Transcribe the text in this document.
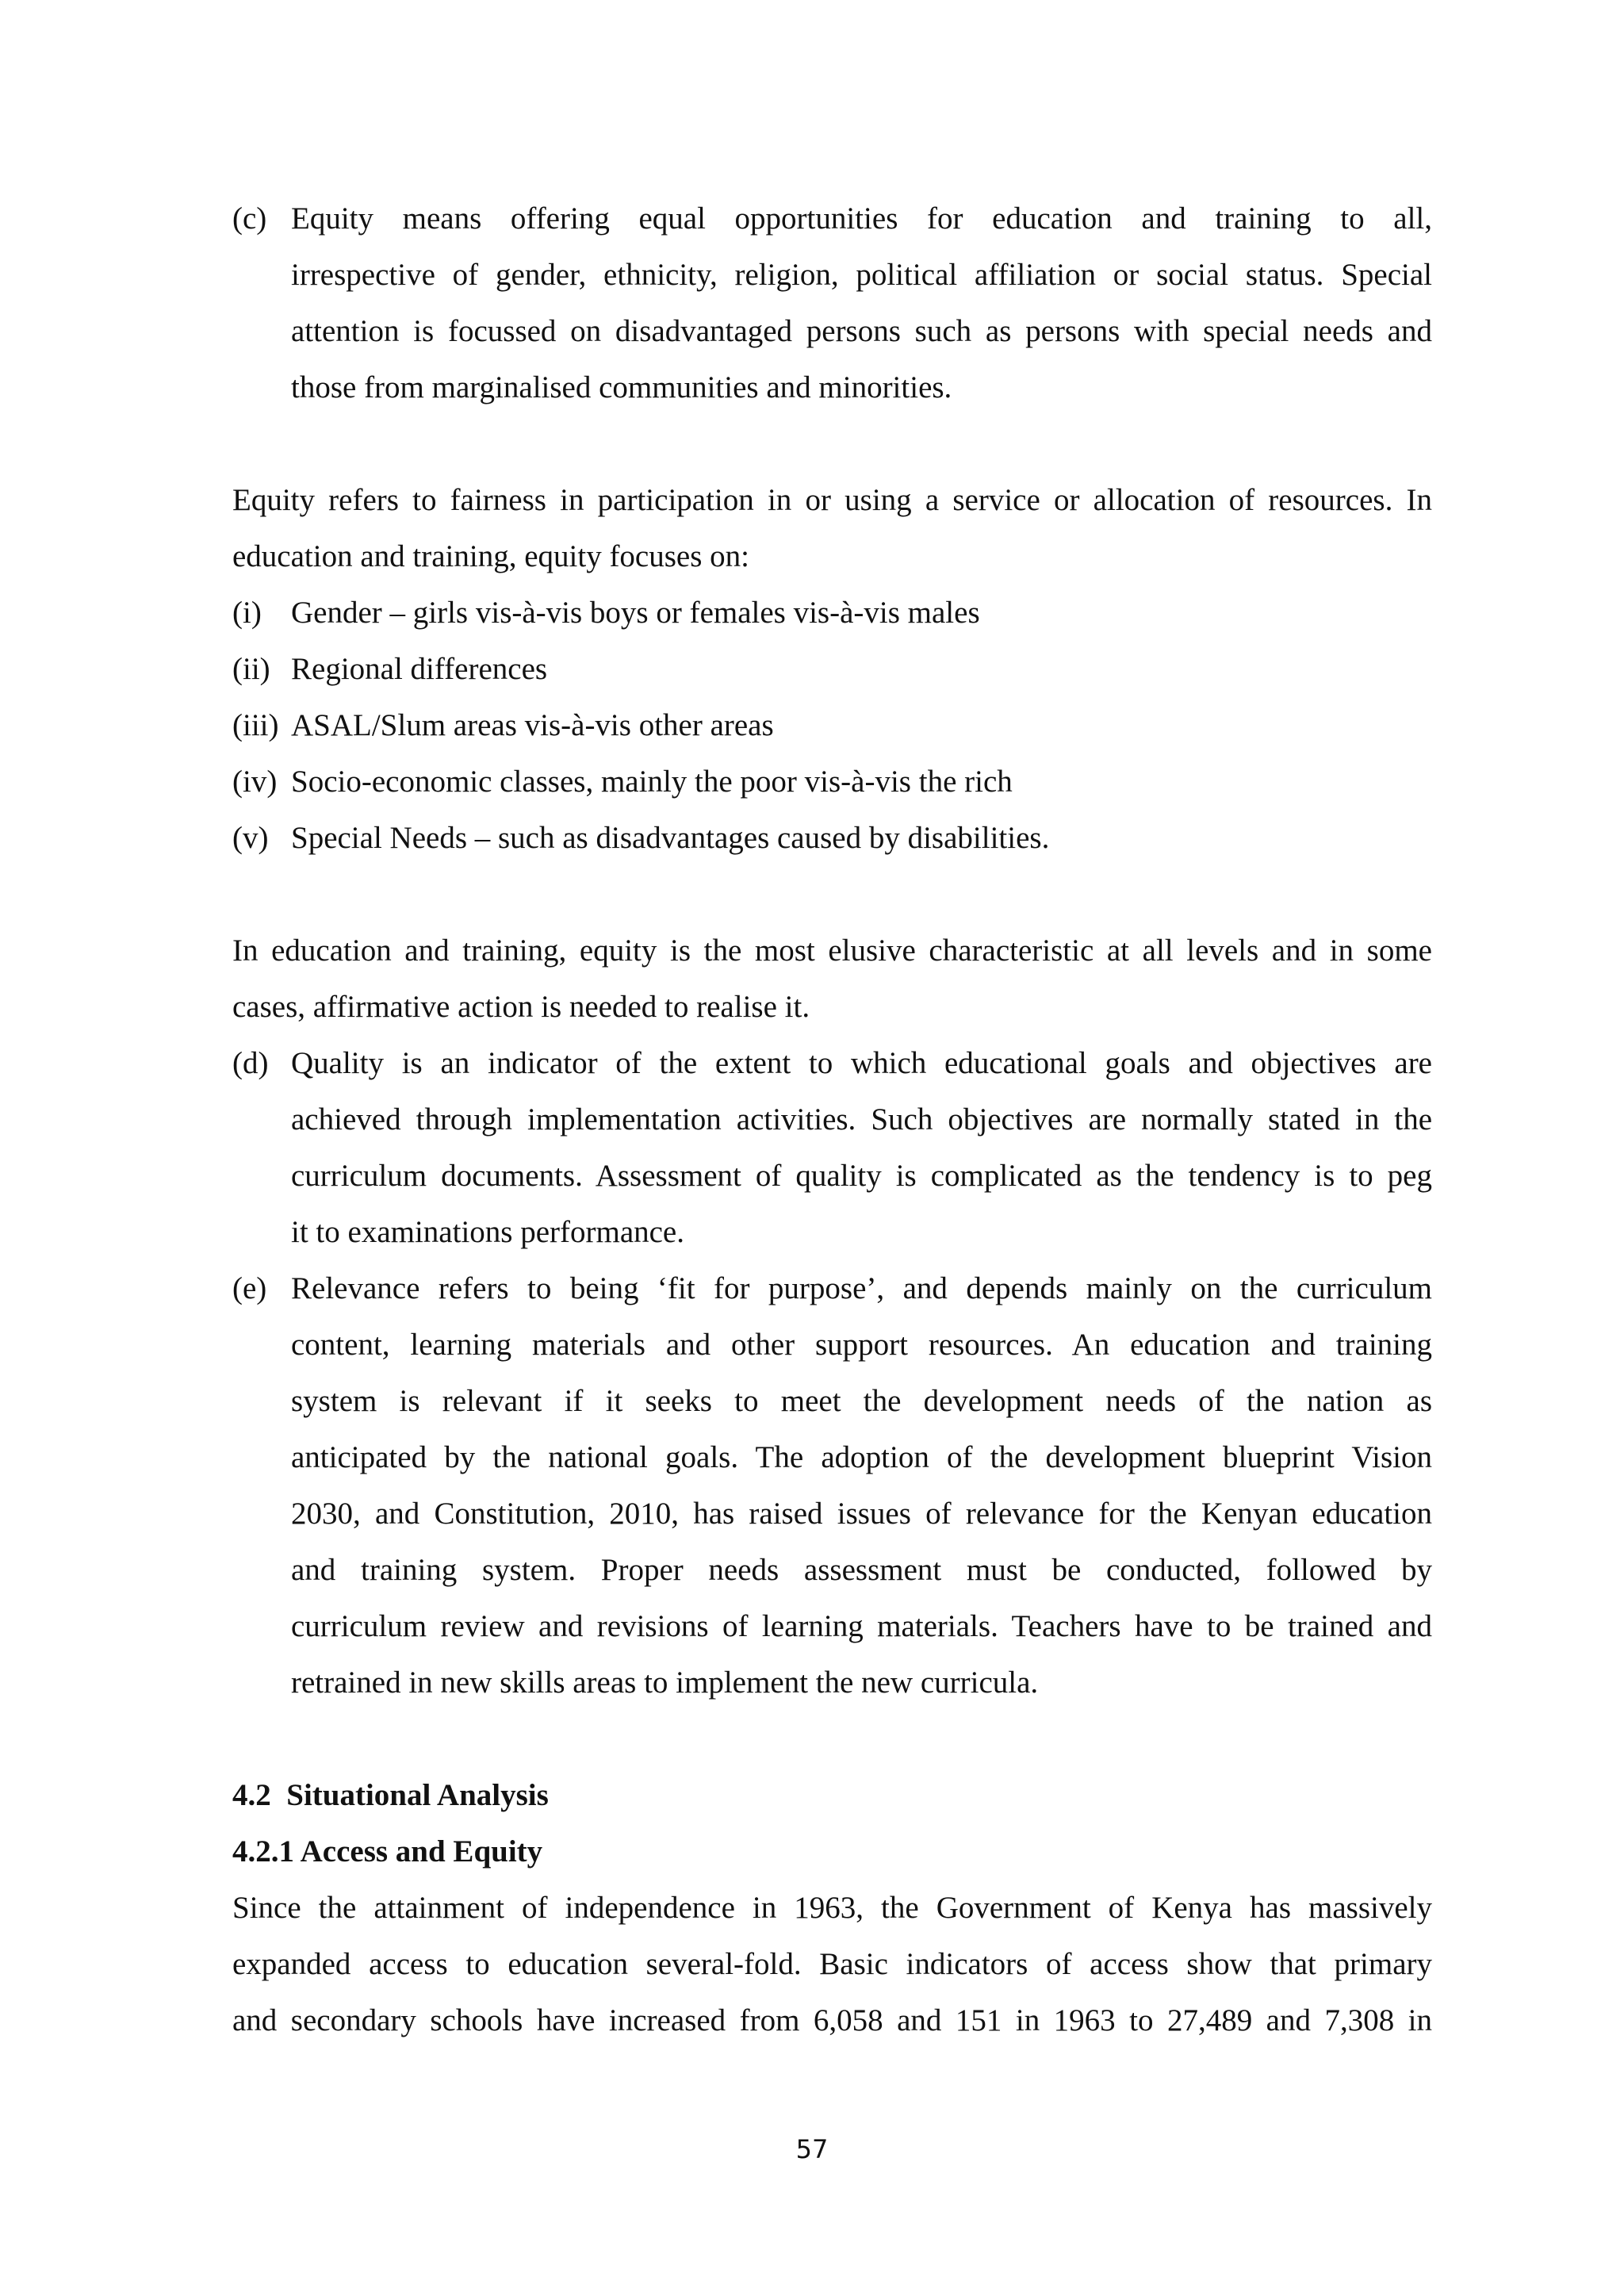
(c) Equity means offering equal opportunities for education and training to all,

irrespective of gender, ethnicity, religion, political affiliation or social status. Special

attention is focussed on disadvantaged persons such as persons with special needs and

those from marginalised communities and minorities.

Equity refers to fairness in participation in or using a service or allocation of resources. In

education and training, equity focuses on:

(i) Gender – girls vis-à-vis boys or females vis-à-vis males

(ii) Regional differences

(iii) ASAL/Slum areas vis-à-vis other areas

(iv) Socio-economic classes, mainly the poor vis-à-vis the rich

(v) Special Needs – such as disadvantages caused by disabilities.

In education and training, equity is the most elusive characteristic at all levels and in some

cases, affirmative action is needed to realise it.

(d) Quality is an indicator of the extent to which educational goals and objectives are

achieved through implementation activities. Such objectives are normally stated in the

curriculum documents. Assessment of quality is complicated as the tendency is to peg

it to examinations performance.

(e) Relevance refers to being ‘fit for purpose’, and depends mainly on the curriculum

content, learning materials and other support resources. An education and training

system is relevant if it seeks to meet the development needs of the nation as

anticipated by the national goals. The adoption of the development blueprint Vision

2030, and Constitution, 2010, has raised issues of relevance for the Kenyan education

and training system. Proper needs assessment must be conducted, followed by

curriculum review and revisions of learning materials. Teachers have to be trained and

retrained in new skills areas to implement the new curricula.

4.2  Situational Analysis

4.2.1 Access and Equity

Since the attainment of independence in 1963, the Government of Kenya has massively

expanded access to education several-fold. Basic indicators of access show that primary

and secondary schools have increased from 6,058 and 151 in 1963 to 27,489 and 7,308 in

57
